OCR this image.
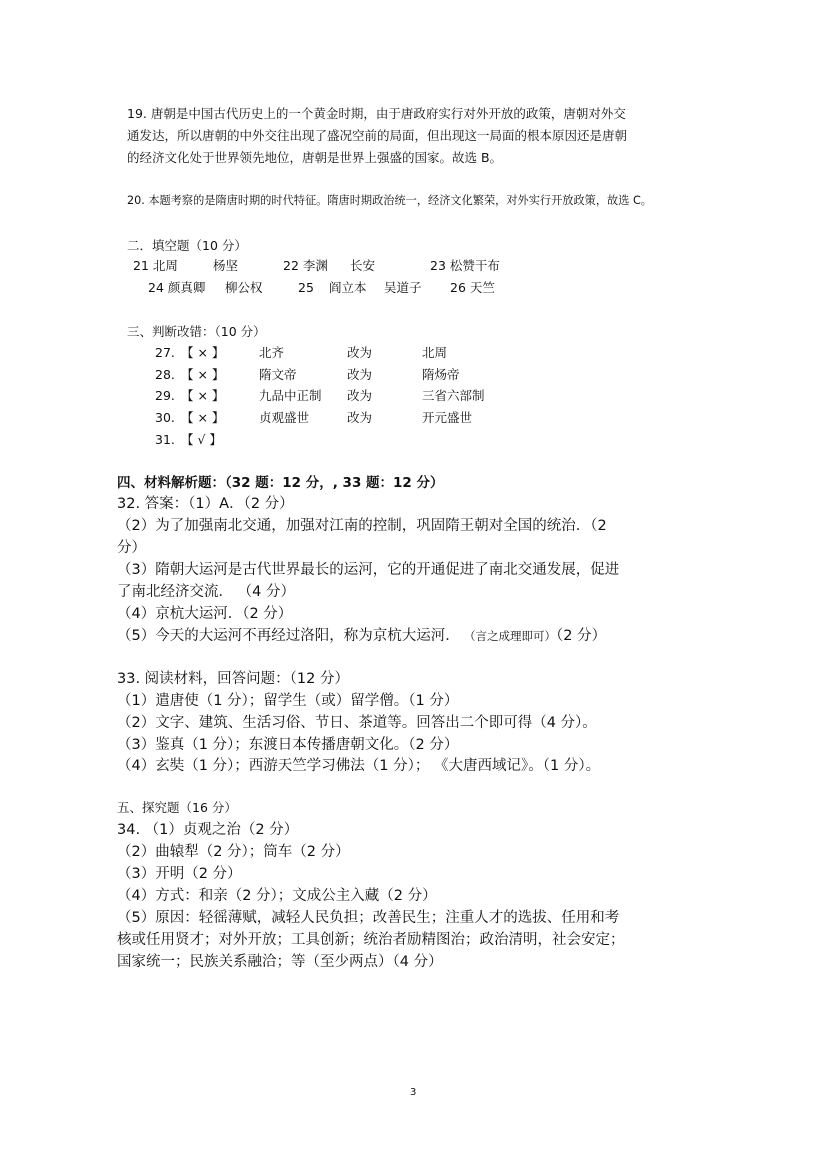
19. 唐朝是中国古代历史上的一个黄金时期，由于唐政府实行对外开放的政策，唐朝对外交
通发达，所以唐朝的中外交往出现了盛况空前的局面，但出现这一局面的根本原因还是唐朝
的经济文化处于世界领先地位，唐朝是世界上强盛的国家。故选 B。
20. 本题考察的是隋唐时期的时代特征。隋唐时期政治统一，经济文化繁荣，对外实行开放政策，故选 C。
二．填空题（10 分）
21 北周	杨坚	22 李渊 长安	23 松赞干布
24 颜真卿 柳公权	25 阎立本 吴道子 26 天竺
三、判断改错：（10 分）
27. 【 × 】	北齐	改为	北周
28. 【 × 】	隋文帝	改为	隋炀帝
29. 【 × 】	九品中正制 改为	三省六部制
30. 【 × 】	贞观盛世	改为	开元盛世
31. 【 √ 】
四、材料解析题：（32 题：12 分，, 33 题：12 分）
32. 答案：（1）A．（2 分）
（2）为了加强南北交通，加强对江南的控制，巩固隋王朝对全国的统治．（2
分）
（3）隋朝大运河是古代世界最长的运河，它的开通促进了南北交通发展，促进
了南北经济交流． （4 分）
（4）京杭大运河．（2 分）
（5）今天的大运河不再经过洛阳，称为京杭大运河． （言之成理即可）（2 分）
33. 阅读材料，回答问题：（12 分）
（1）遣唐使（1 分）；留学生（或）留学僧。（1 分）
（2）文字、建筑、生活习俗、节日、茶道等。回答出二个即可得（4 分）。
（3）鉴真（1 分）；东渡日本传播唐朝文化。（2 分）
（4）玄奘（1 分）；西游天竺学习佛法（1 分）； 《大唐西域记》。（1 分）。
五、探究题（16 分）
34. （1）贞观之治（2 分）
（2）曲辕犁（2 分）；筒车（2 分）
（3）开明（2 分）
（4）方式：和亲（2 分）；文成公主入藏（2 分）
（5）原因：轻徭薄赋，减轻人民负担；改善民生；注重人才的选拔、任用和考
核或任用贤才；对外开放；工具创新；统治者励精图治；政治清明，社会安定；
国家统一；民族关系融洽；等（至少两点）（4 分）
3
